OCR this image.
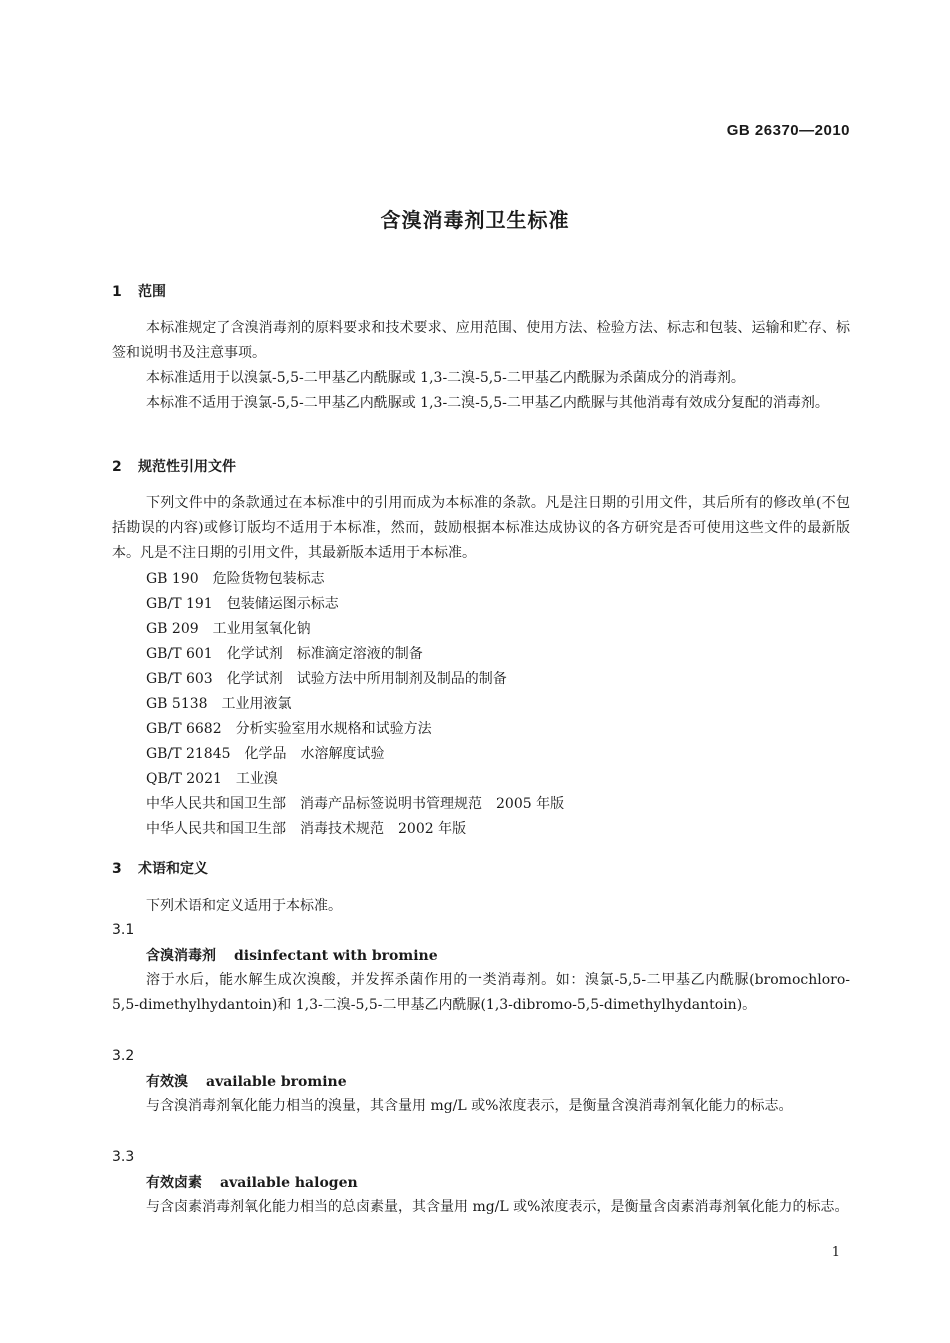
GB 26370—2010
含溴消毒剂卫生标准
1 范围

本标准规定了含溴消毒剂的原料要求和技术要求、应用范围、使用方法、检验方法、标志和包装、运输和贮存、标签和说明书及注意事项。

本标准适用于以溴氯-5,5-二甲基乙内酰脲或 1,3-二溴-5,5-二甲基乙内酰脲为杀菌成分的消毒剂。

本标准不适用于溴氯-5,5-二甲基乙内酰脲或 1,3-二溴-5,5-二甲基乙内酰脲与其他消毒有效成分复配的消毒剂。

2 规范性引用文件

下列文件中的条款通过在本标准中的引用而成为本标准的条款。凡是注日期的引用文件，其后所有的修改单(不包括勘误的内容)或修订版均不适用于本标准，然而，鼓励根据本标准达成协议的各方研究是否可使用这些文件的最新版本。凡是不注日期的引用文件，其最新版本适用于本标准。

GB 190　危险货物包装标志
GB/T 191　包装储运图示标志
GB 209　工业用氢氧化钠
GB/T 601　化学试剂　标准滴定溶液的制备
GB/T 603　化学试剂　试验方法中所用制剂及制品的制备
GB 5138　工业用液氯
GB/T 6682　分析实验室用水规格和试验方法
GB/T 21845　化学品　水溶解度试验
QB/T 2021　工业溴
中华人民共和国卫生部　消毒产品标签说明书管理规范　2005 年版
中华人民共和国卫生部　消毒技术规范　2002 年版
3 术语和定义

下列术语和定义适用于本标准。

3.1
含溴消毒剂 disinfectant with bromine

溶于水后，能水解生成次溴酸，并发挥杀菌作用的一类消毒剂。如：溴氯-5,5-二甲基乙内酰脲(bromochloro-5,5-dimethylhydantoin)和 1,3-二溴-5,5-二甲基乙内酰脲(1,3-dibromo-5,5-dimethylhydantoin)。

3.2
有效溴 available bromine

与含溴消毒剂氧化能力相当的溴量，其含量用 mg/L 或%浓度表示，是衡量含溴消毒剂氧化能力的标志。

3.3
有效卤素 available halogen

与含卤素消毒剂氧化能力相当的总卤素量，其含量用 mg/L 或%浓度表示，是衡量含卤素消毒剂氧化能力的标志。

1
